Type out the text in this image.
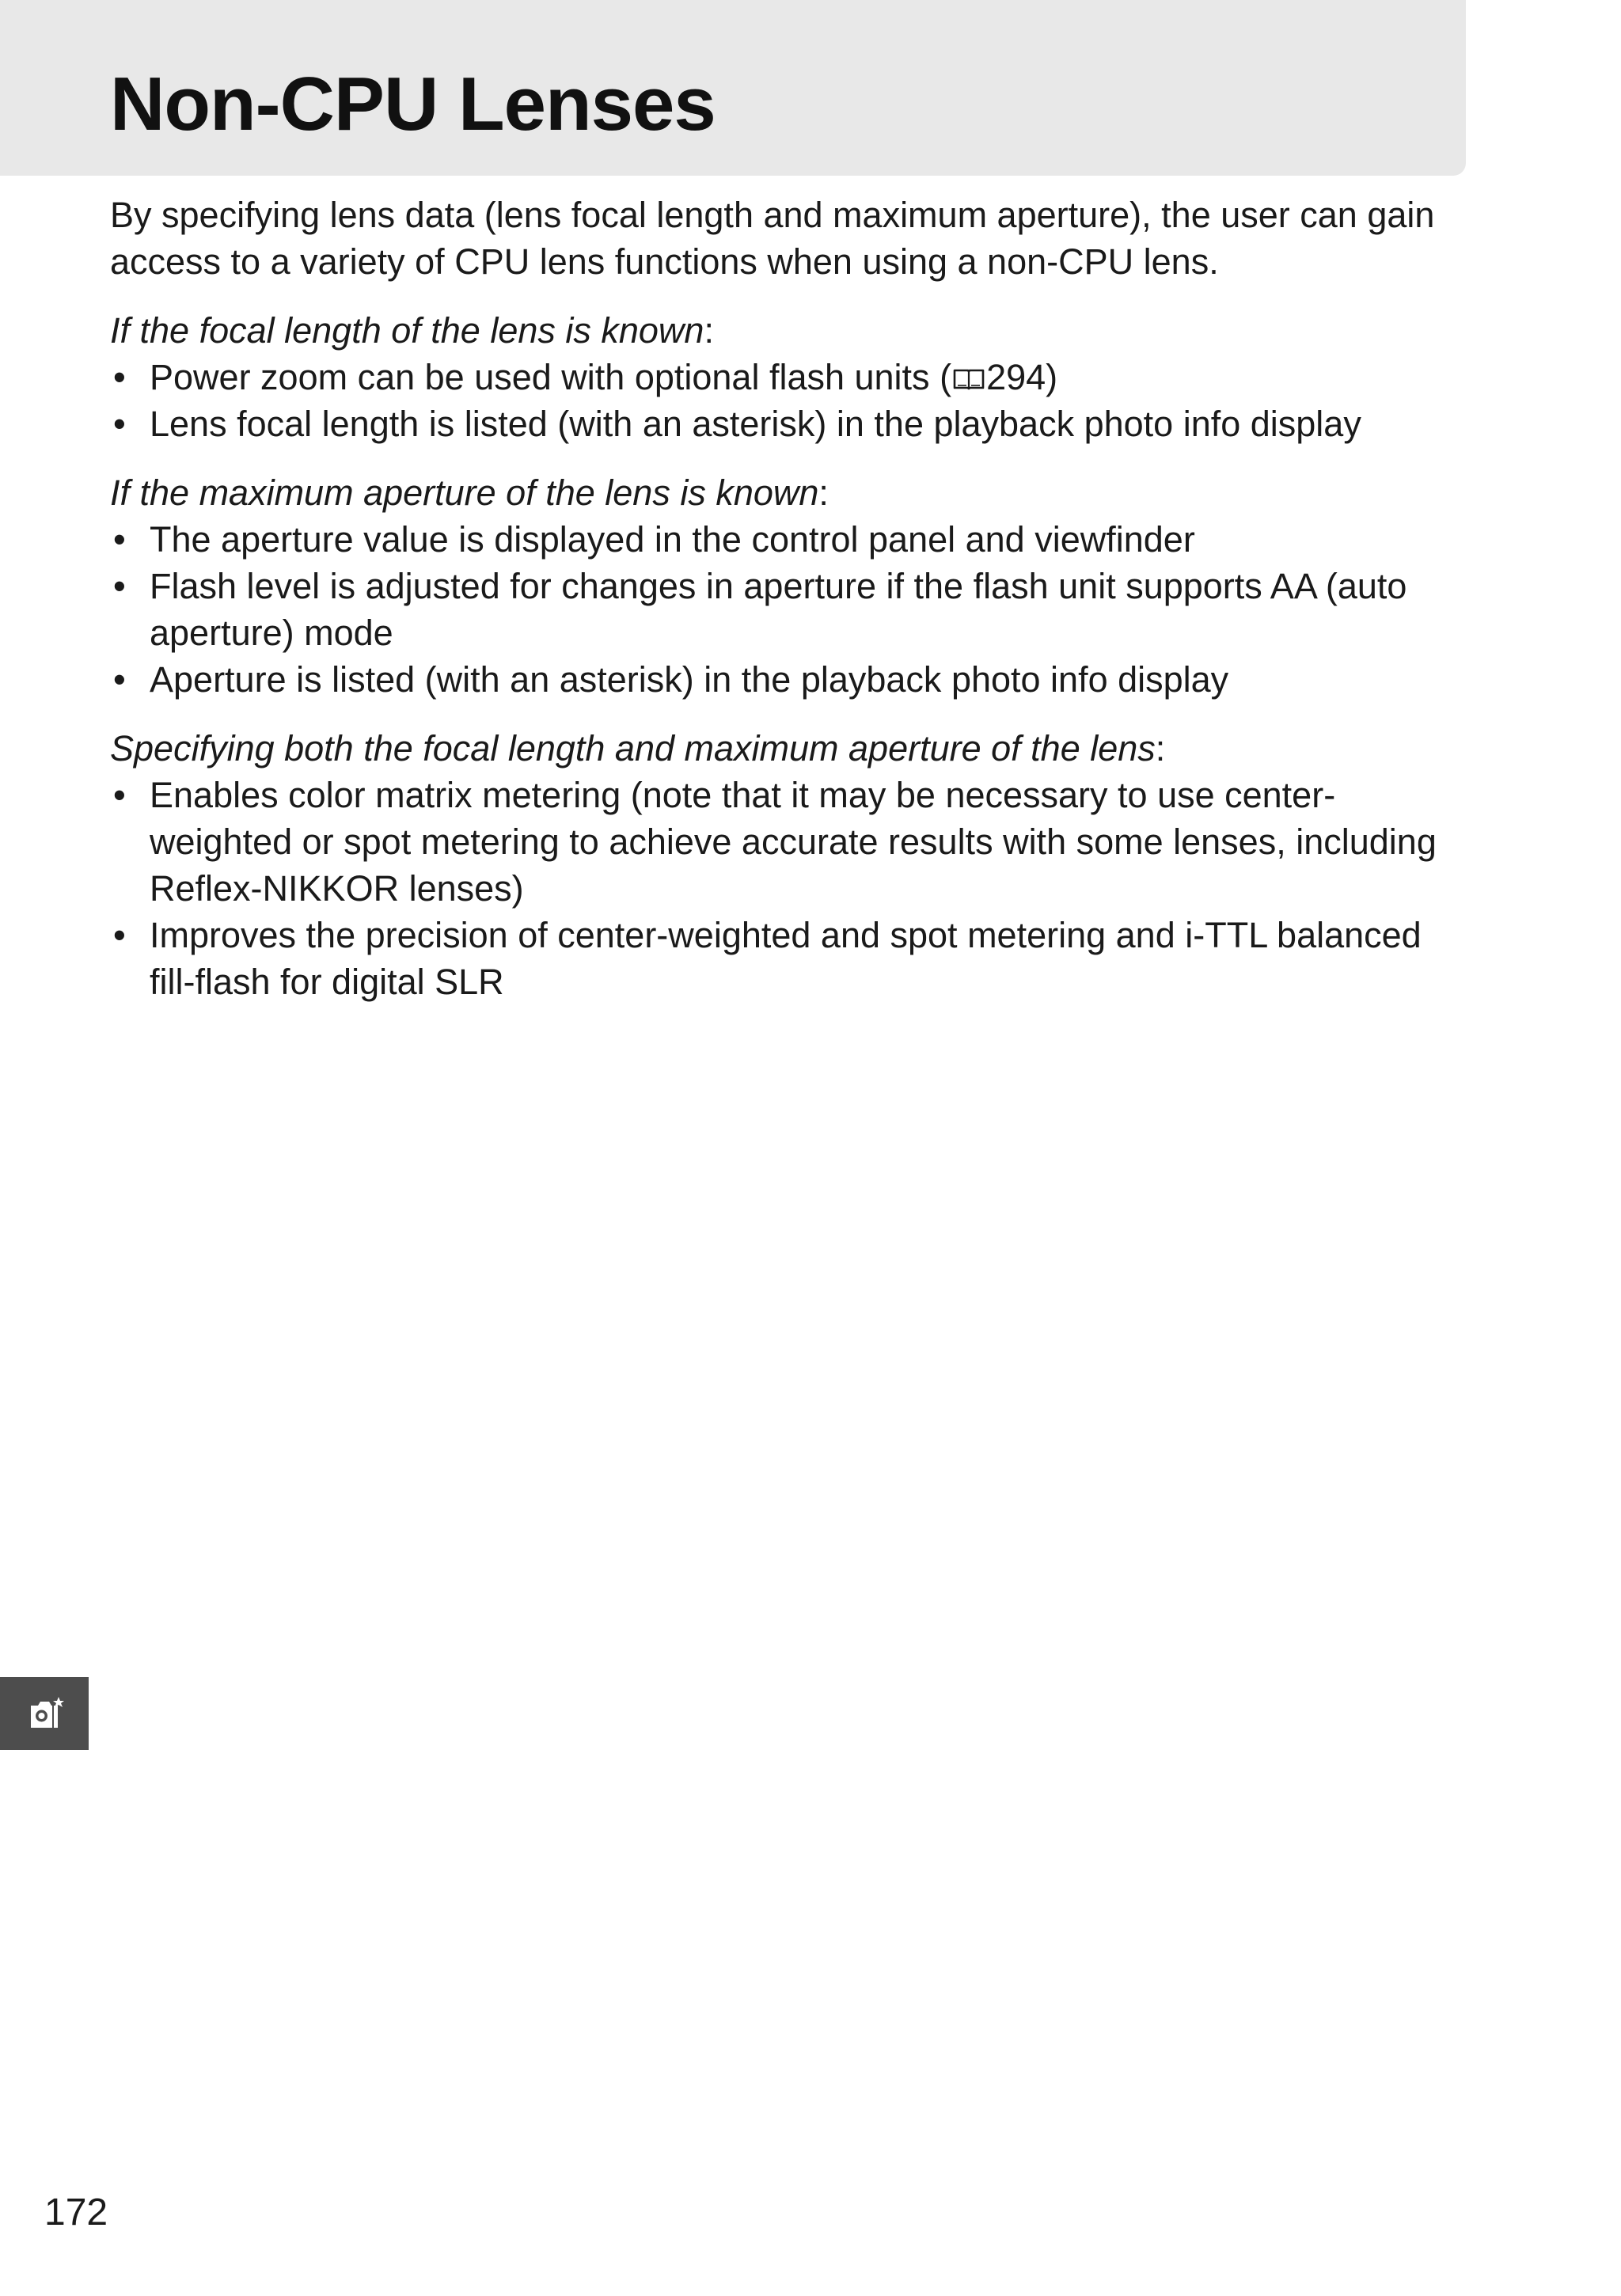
Non-CPU Lenses

By specifying lens data (lens focal length and maximum aperture), the user can gain access to a variety of CPU lens functions when using a non-CPU lens.

If the focal length of the lens is known:

• Power zoom can be used with optional flash units ( 294)
• Lens focal length is listed (with an asterisk) in the playback photo info display

If the maximum aperture of the lens is known:

• The aperture value is displayed in the control panel and viewfinder
• Flash level is adjusted for changes in aperture if the flash unit supports AA (auto aperture) mode
• Aperture is listed (with an asterisk) in the playback photo info display

Specifying both the focal length and maximum aperture of the lens:

• Enables color matrix metering (note that it may be necessary to use center-weighted or spot metering to achieve accurate results with some lenses, including Reflex-NIKKOR lenses)
• Improves the precision of center-weighted and spot metering and i-TTL balanced fill-flash for digital SLR
172
